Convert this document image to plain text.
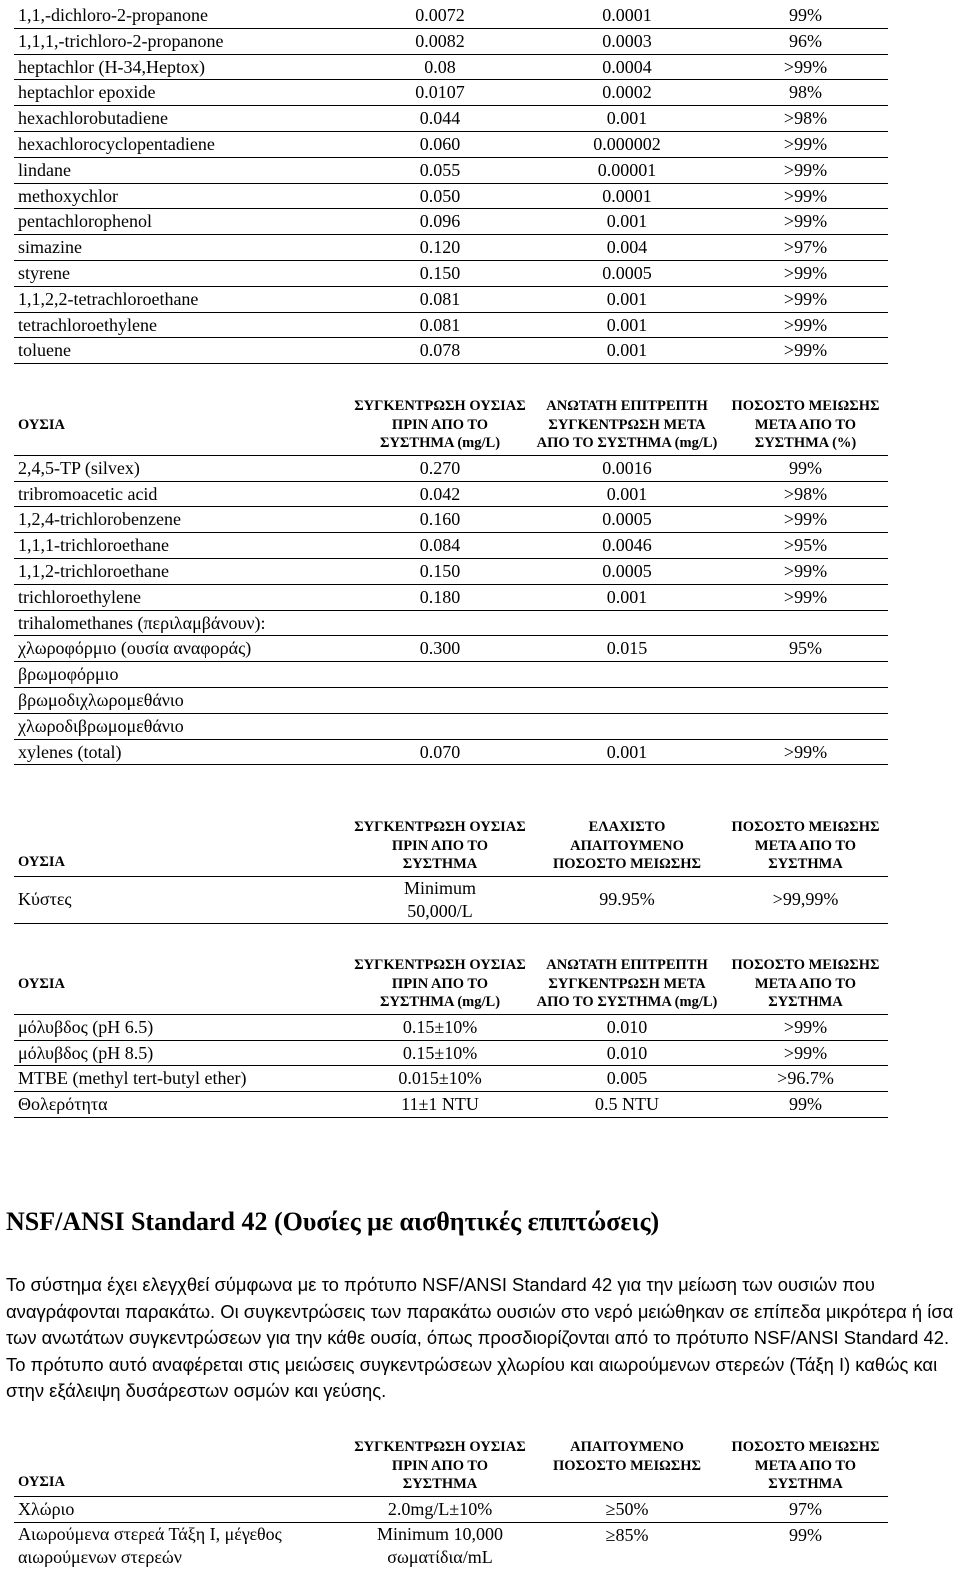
1,1,-dichloro-2-propanone	0.0072	0.0001	99%
1,1,1,-trichloro-2-propanone	0.0082	0.0003	96%
heptachlor (H-34,Heptox)	0.08	0.0004	>99%
heptachlor epoxide	0.0107	0.0002	98%
hexachlorobutadiene	0.044	0.001	>98%
hexachlorocyclopentadiene	0.060	0.000002	>99%
lindane	0.055	0.00001	>99%
methoxychlor	0.050	0.0001	>99%
pentachlorophenol	0.096	0.001	>99%
simazine	0.120	0.004	>97%
styrene	0.150	0.0005	>99%
1,1,2,2-tetrachloroethane	0.081	0.001	>99%
tetrachloroethylene	0.081	0.001	>99%
toluene	0.078	0.001	>99%
ΟΥΣΙΑ	ΣΥΓΚΕΝΤΡΩΣΗ ΟΥΣΙΑΣ ΠΡΙΝ ΑΠΟ ΤΟ ΣΥΣΤΗΜΑ (mg/L)	ΑΝΩΤΑΤΗ ΕΠΙΤΡΕΠΤΗ ΣΥΓΚΕΝΤΡΩΣΗ ΜΕΤΑ ΑΠΟ ΤΟ ΣΥΣΤΗΜΑ (mg/L)	ΠΟΣΟΣΤΟ ΜΕΙΩΣΗΣ ΜΕΤΑ ΑΠΟ ΤΟ ΣΥΣΤΗΜΑ (%)
2,4,5-TP (silvex)	0.270	0.0016	99%
tribromoacetic acid	0.042	0.001	>98%
1,2,4-trichlorobenzene	0.160	0.0005	>99%
1,1,1-trichloroethane	0.084	0.0046	>95%
1,1,2-trichloroethane	0.150	0.0005	>99%
trichloroethylene	0.180	0.001	>99%
trihalomethanes (περιλαμβάνουν):			
χλωροφόρμιο (ουσία αναφοράς)	0.300	0.015	95%
βρωμοφόρμιο			
βρωμοδιχλωρομεθάνιο			
χλωροδιβρωμομεθάνιο			
xylenes (total)	0.070	0.001	>99%
ΟΥΣΙΑ	ΣΥΓΚΕΝΤΡΩΣΗ ΟΥΣΙΑΣ ΠΡΙΝ ΑΠΟ ΤΟ ΣΥΣΤΗΜΑ	ΕΛΑΧΙΣΤΟ ΑΠΑΙΤΟΥΜΕΝΟ ΠΟΣΟΣΤΟ ΜΕΙΩΣΗΣ	ΠΟΣΟΣΤΟ ΜΕΙΩΣΗΣ ΜΕΤΑ ΑΠΟ ΤΟ ΣΥΣΤΗΜΑ
Κύστες	Minimum 50,000/L	99.95%	>99,99%
ΟΥΣΙΑ	ΣΥΓΚΕΝΤΡΩΣΗ ΟΥΣΙΑΣ ΠΡΙΝ ΑΠΟ ΤΟ ΣΥΣΤΗΜΑ (mg/L)	ΑΝΩΤΑΤΗ ΕΠΙΤΡΕΠΤΗ ΣΥΓΚΕΝΤΡΩΣΗ ΜΕΤΑ ΑΠΟ ΤΟ ΣΥΣΤΗΜΑ (mg/L)	ΠΟΣΟΣΤΟ ΜΕΙΩΣΗΣ ΜΕΤΑ ΑΠΟ ΤΟ ΣΥΣΤΗΜΑ
μόλυβδος (pH 6.5)	0.15±10%	0.010	>99%
μόλυβδος (pH 8.5)	0.15±10%	0.010	>99%
MTBE (methyl tert-butyl ether)	0.015±10%	0.005	>96.7%
Θολερότητα	11±1 NTU	0.5 NTU	99%
NSF/ANSI Standard 42 (Ουσίες με αισθητικές επιπτώσεις)

Το σύστημα έχει ελεγχθεί σύμφωνα με το πρότυπο NSF/ANSI Standard 42 για την μείωση των ουσιών που αναγράφονται παρακάτω. Οι συγκεντρώσεις των παρακάτω ουσιών στο νερό μειώθηκαν σε επίπεδα μικρότερα ή ίσα των ανωτάτων συγκεντρώσεων για την κάθε ουσία, όπως προσδιορίζονται από το πρότυπο NSF/ANSI Standard 42. Το πρότυπο αυτό αναφέρεται στις μειώσεις συγκεντρώσεων χλωρίου και αιωρούμενων στερεών (Τάξη Ι) καθώς και στην εξάλειψη δυσάρεστων οσμών και γεύσης.

ΟΥΣΙΑ	ΣΥΓΚΕΝΤΡΩΣΗ ΟΥΣΙΑΣ ΠΡΙΝ ΑΠΟ ΤΟ ΣΥΣΤΗΜΑ	ΑΠΑΙΤΟΥΜΕΝΟ ΠΟΣΟΣΤΟ ΜΕΙΩΣΗΣ	ΠΟΣΟΣΤΟ ΜΕΙΩΣΗΣ ΜΕΤΑ ΑΠΟ ΤΟ ΣΥΣΤΗΜΑ
Χλώριο	2.0mg/L±10%	≥50%	97%
Αιωρούμενα στερεά Τάξη Ι, μέγεθος αιωρούμενων στερεών	Minimum 10,000 σωματίδια/mL	≥85%	99%
